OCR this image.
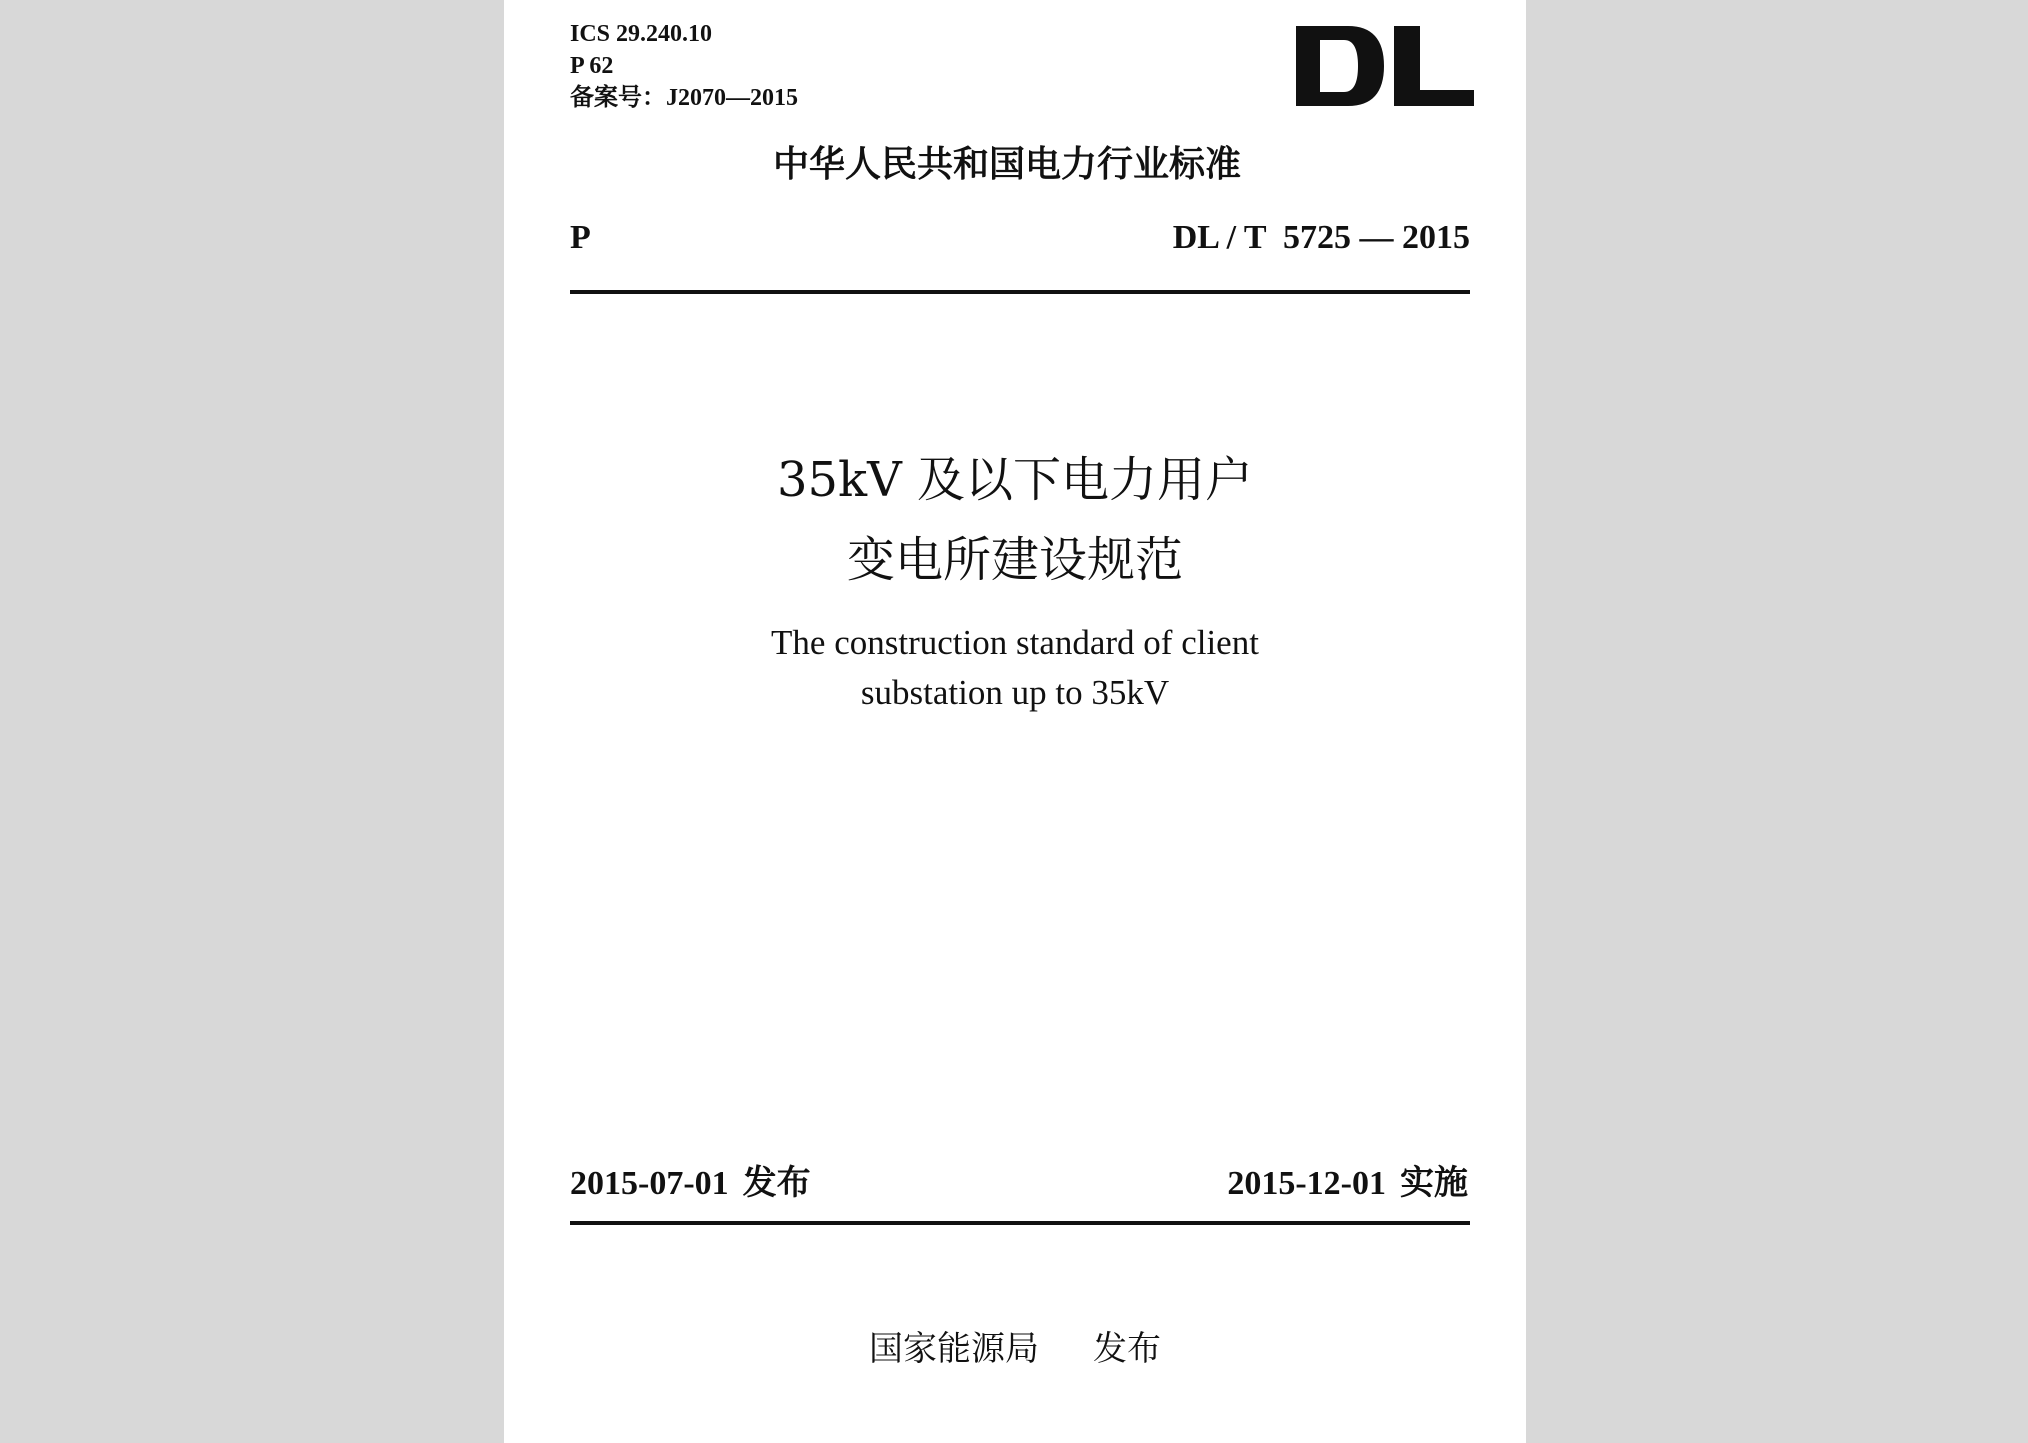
ICS 29.240.10
P 62
备案号：J2070—2015
中华人民共和国电力行业标准
P	DL / T  5725 — 2015
35kV 及以下电力用户
变电所建设规范
The construction standard of client
substation up to 35kV
2015-07-01 发布	2015-12-01 实施
国家能源局 发布
